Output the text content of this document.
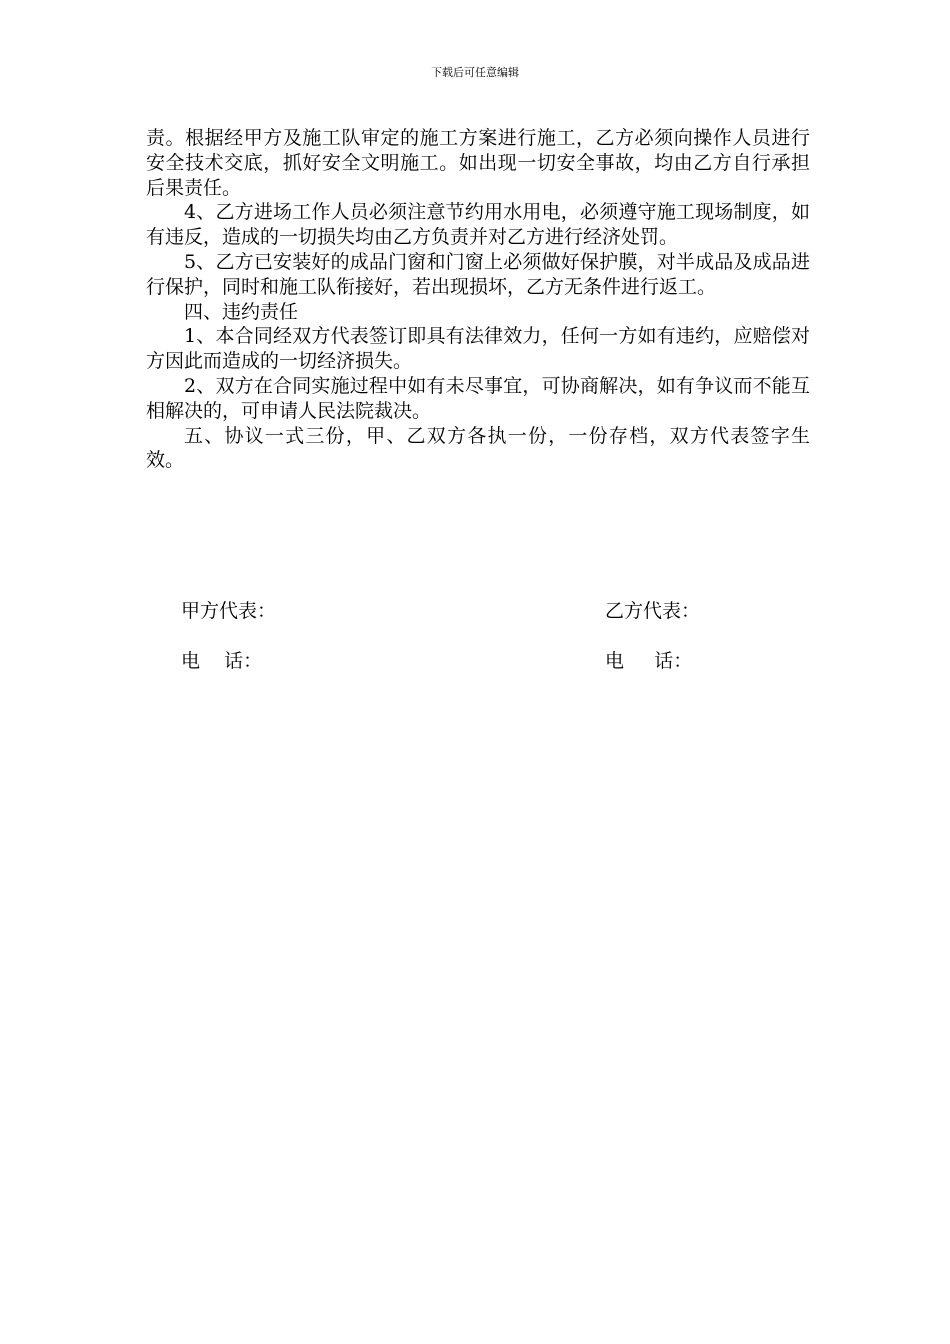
下载后可任意编辑

责。根据经甲方及施工队审定的施工方案进行施工，乙方必须向操作人员进行安全技术交底，抓好安全文明施工。如出现一切安全事故，均由乙方自行承担后果责任。

4、乙方进场工作人员必须注意节约用水用电，必须遵守施工现场制度，如有违反，造成的一切损失均由乙方负责并对乙方进行经济处罚。

5、乙方已安装好的成品门窗和门窗上必须做好保护膜，对半成品及成品进行保护，同时和施工队衔接好，若出现损坏，乙方无条件进行返工。

四、违约责任

1、本合同经双方代表签订即具有法律效力，任何一方如有违约，应赔偿对方因此而造成的一切经济损失。

2、双方在合同实施过程中如有未尽事宜，可协商解决，如有争议而不能互相解决的，可申请人民法院裁决。

五、协议一式三份，甲、乙双方各执一份，一份存档，双方代表签字生效。

甲方代表：
电    话：
乙方代表：
电     话：
